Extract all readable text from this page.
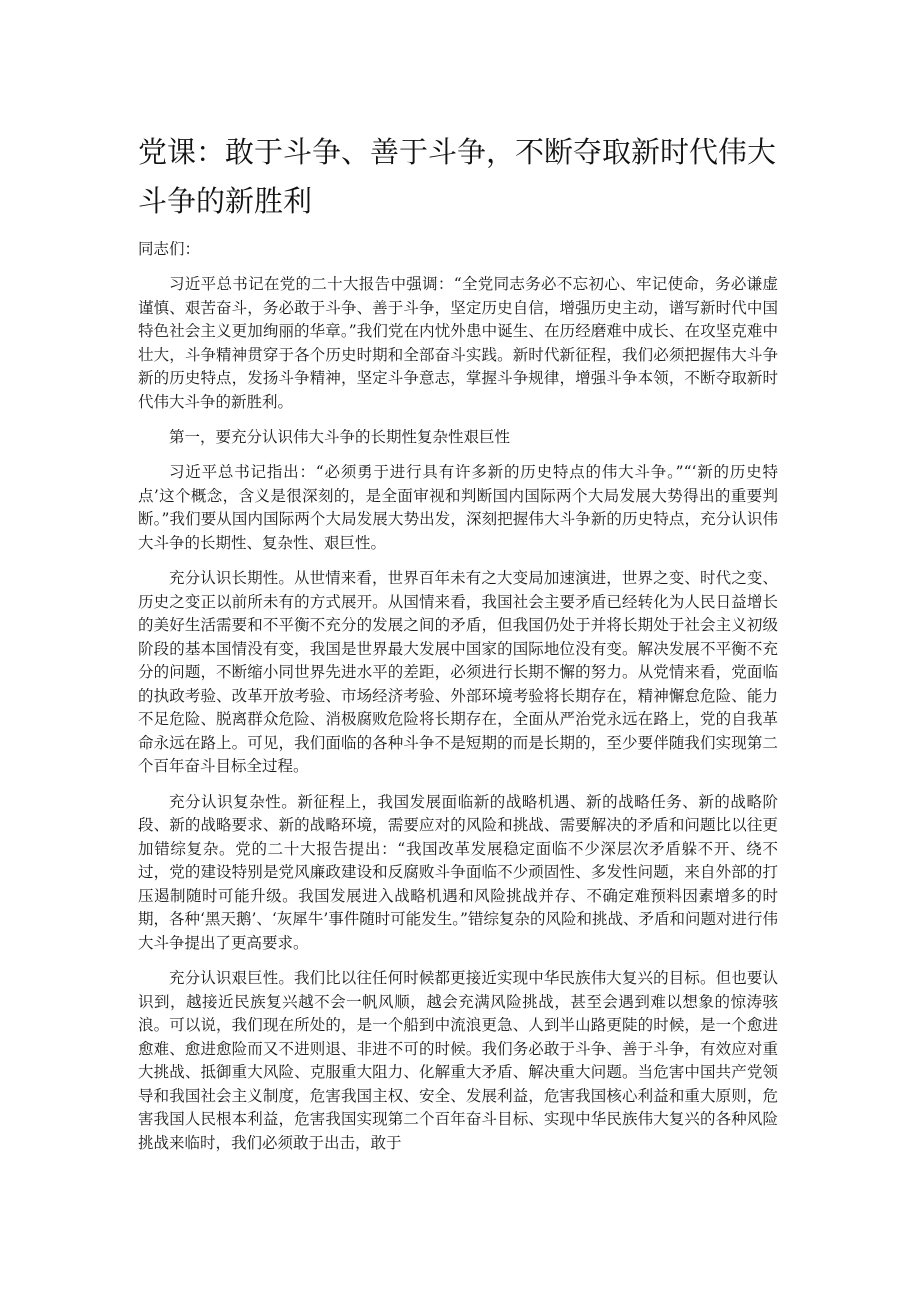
党课：敢于斗争、善于斗争，不断夺取新时代伟大斗争的新胜利

同志们：

习近平总书记在党的二十大报告中强调：“全党同志务必不忘初心、牢记使命，务必谦虚谨慎、艰苦奋斗，务必敢于斗争、善于斗争，坚定历史自信，增强历史主动，谱写新时代中国特色社会主义更加绚丽的华章。”我们党在内忧外患中诞生、在历经磨难中成长、在攻坚克难中壮大，斗争精神贯穿于各个历史时期和全部奋斗实践。新时代新征程，我们必须把握伟大斗争新的历史特点，发扬斗争精神，坚定斗争意志，掌握斗争规律，增强斗争本领，不断夺取新时代伟大斗争的新胜利。

第一，要充分认识伟大斗争的长期性复杂性艰巨性

习近平总书记指出：“必须勇于进行具有许多新的历史特点的伟大斗争。”“‘新的历史特点’这个概念，含义是很深刻的，是全面审视和判断国内国际两个大局发展大势得出的重要判断。”我们要从国内国际两个大局发展大势出发，深刻把握伟大斗争新的历史特点，充分认识伟大斗争的长期性、复杂性、艰巨性。

充分认识长期性。从世情来看，世界百年未有之大变局加速演进，世界之变、时代之变、历史之变正以前所未有的方式展开。从国情来看，我国社会主要矛盾已经转化为人民日益增长的美好生活需要和不平衡不充分的发展之间的矛盾，但我国仍处于并将长期处于社会主义初级阶段的基本国情没有变，我国是世界最大发展中国家的国际地位没有变。解决发展不平衡不充分的问题，不断缩小同世界先进水平的差距，必须进行长期不懈的努力。从党情来看，党面临的执政考验、改革开放考验、市场经济考验、外部环境考验将长期存在，精神懈怠危险、能力不足危险、脱离群众危险、消极腐败危险将长期存在，全面从严治党永远在路上，党的自我革命永远在路上。可见，我们面临的各种斗争不是短期的而是长期的，至少要伴随我们实现第二个百年奋斗目标全过程。

充分认识复杂性。新征程上，我国发展面临新的战略机遇、新的战略任务、新的战略阶段、新的战略要求、新的战略环境，需要应对的风险和挑战、需要解决的矛盾和问题比以往更加错综复杂。党的二十大报告提出：“我国改革发展稳定面临不少深层次矛盾躲不开、绕不过，党的建设特别是党风廉政建设和反腐败斗争面临不少顽固性、多发性问题，来自外部的打压遏制随时可能升级。我国发展进入战略机遇和风险挑战并存、不确定难预料因素增多的时期，各种‘黑天鹅’、‘灰犀牛’事件随时可能发生。”错综复杂的风险和挑战、矛盾和问题对进行伟大斗争提出了更高要求。

充分认识艰巨性。我们比以往任何时候都更接近实现中华民族伟大复兴的目标。但也要认识到，越接近民族复兴越不会一帆风顺，越会充满风险挑战，甚至会遇到难以想象的惊涛骇浪。可以说，我们现在所处的，是一个船到中流浪更急、人到半山路更陡的时候，是一个愈进愈难、愈进愈险而又不进则退、非进不可的时候。我们务必敢于斗争、善于斗争，有效应对重大挑战、抵御重大风险、克服重大阻力、化解重大矛盾、解决重大问题。当危害中国共产党领导和我国社会主义制度，危害我国主权、安全、发展利益，危害我国核心利益和重大原则，危害我国人民根本利益，危害我国实现第二个百年奋斗目标、实现中华民族伟大复兴的各种风险挑战来临时，我们必须敢于出击，敢于
